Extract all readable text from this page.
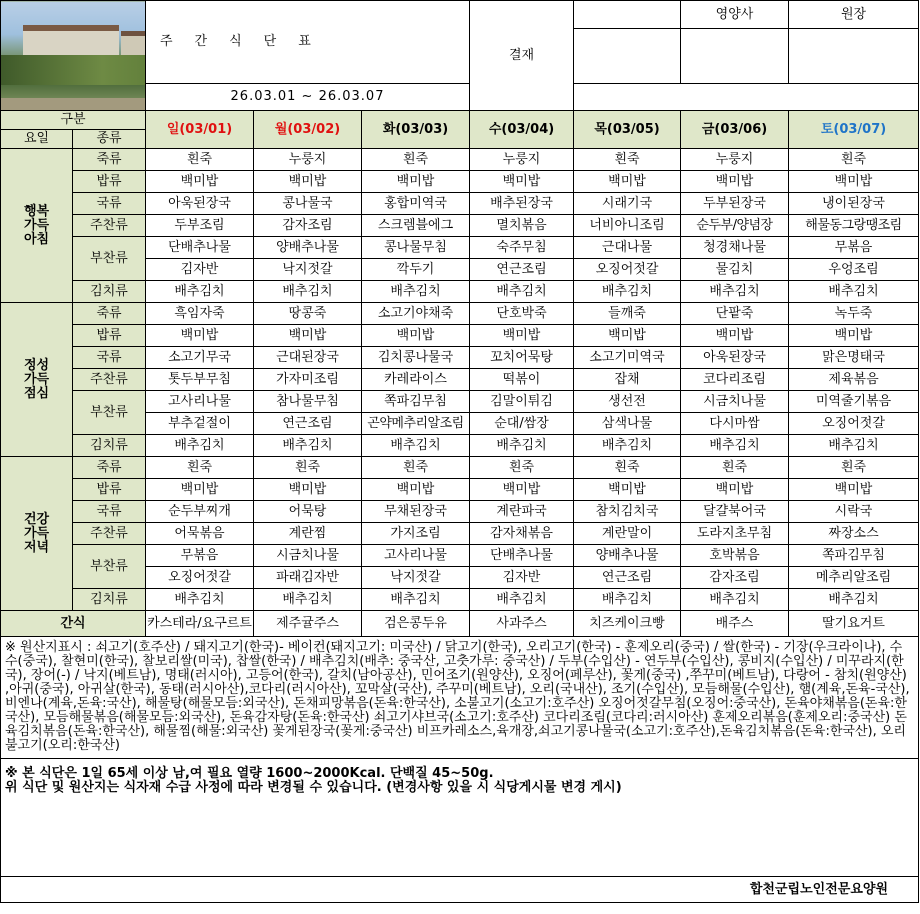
		주간식단표			결재		영양사	원장

		26.03.01 ~ 26.03.07						
구분		일(03/01)	월(03/02)	화(03/03)	수(03/04)	목(03/05)	금(03/06)	토(03/07)
요일	종류							

행복
가득
아침	죽류	흰죽	누룽지	흰죽	누룽지	흰죽	누룽지	흰죽
	밥류	백미밥	백미밥	백미밥	백미밥	백미밥	백미밥	백미밥
	국류	아욱된장국	콩나물국	홍합미역국	배추된장국	시래기국	두부된장국	냉이된장국
	주찬류	두부조림	감자조림	스크렘블에그	멸치볶음	너비아니조림	순두부/양념장	해물동그랑땡조림
	부찬류	단배추나물	양배추나물	콩나물무침	숙주무침	근대나물	청경채나물	무볶음
		김자반	낙지젓갈	깍두기	연근조림	오징어젓갈	물김치	우엉조림
	김치류	배추김치	배추김치	배추김치	배추김치	배추김치	배추김치	배추김치

정성
가득
점심	죽류	흑임자죽	땅콩죽	소고기야채죽	단호박죽	들깨죽	단팥죽	녹두죽
	밥류	백미밥	백미밥	백미밥	백미밥	백미밥	백미밥	백미밥
	국류	소고기무국	근대된장국	김치콩나물국	꼬치어묵탕	소고기미역국	아욱된장국	맑은명태국
	주찬류	톳두부무침	가자미조림	카레라이스	떡볶이	잡채	코다리조림	제육볶음
	부찬류	고사리나물	참나물무침	쪽파김무침	김말이튀김	생선전	시금치나물	미역줄기볶음
		부추겉절이	연근조림	곤약메추리알조림	순대/쌈장	삼색나물	다시마쌈	오징어젓갈
	김치류	배추김치	배추김치	배추김치	배추김치	배추김치	배추김치	배추김치

건강
가득
저녁	죽류	흰죽	흰죽	흰죽	흰죽	흰죽	흰죽	흰죽
	밥류	백미밥	백미밥	백미밥	백미밥	백미밥	백미밥	백미밥
	국류	순두부찌개	어묵탕	무채된장국	계란파국	참치김치국	달걀북어국	시락국
	주찬류	어묵볶음	계란찜	가지조림	감자채볶음	계란말이	도라지초무침	짜장소스
	부찬류	무볶음	시금치나물	고사리나물	단배추나물	양배추나물	호박볶음	쪽파김무침
		오징어젓갈	파래김자반	낙지젓갈	김자반	연근조림	감자조림	메추리알조림
	김치류	배추김치	배추김치	배추김치	배추김치	배추김치	배추김치	배추김치
간식		카스테라/요구르트	제주귤주스	검은콩두유	사과주스	치즈케이크빵	배주스	딸기요거트
※ 원산지표시 : 쇠고기(호주산) / 돼지고기(한국)- 베이컨(돼지고기: 미국산) / 닭고기(한국), 오리고기(한국) - 훈제오리(중국) / 쌀(한국) - 기장(우크라이나), 수수(중국), 찰현미(한국), 찰보리쌀(미국), 찹쌀(한국) / 배추김치(배추: 중국산, 고춧가루: 중국산) / 두부(수입산) - 연두부(수입산), 콩비지(수입산) / 미꾸라지(한국), 장어(-) / 낙지(베트남), 명태(러시아), 고등어(한국), 갈치(남아공산), 민어조기(원양산), 오징어(페루산), 꽃게(중국) ,쭈꾸미(베트남), 다랑어 - 참치(원양산) ,아귀(중국), 아귀살(한국), 동태(러시아산),코다리(러시아산), 꼬막살(국산), 주꾸미(베트남), 오리(국내산), 조기(수입산), 모듬해물(수입산), 햄(계육,돈육-국산), 비엔나(계육,돈육:국산), 해물탕(해물모듬:외국산), 돈채피망볶음(돈육:한국산), 소불고기(소고기:호주산) 오징어젓갈무침(오징어:중국산), 돈육야채볶음(돈육:한국산), 모듬해물볶음(해물모듬:외국산), 돈육감자탕(돈육:한국산) 쇠고기샤브국(소고기:호주산) 코다리조림(코다리:러시아산) 훈제오리볶음(훈제오리:중국산) 돈육김치볶음(돈육:한국산), 해물찜(해물:외국산) 꽃게된장국(꽃게:중국산) 비프카레소스,육개장,쇠고기콩나물국(소고기:호주산),돈육김치볶음(돈육:한국산), 오리불고기(오리:한국산)								

※ 본 식단은 1일 65세 이상 남,여 필요 열량 1600~2000Kcal. 단백질 45~50g.
위 식단 및 원산지는 식자재 수급 사정에 따라 변경될 수 있습니다. (변경사항 있을 시 식당게시물 변경 게시)								

합천군립노인전문요양원								
